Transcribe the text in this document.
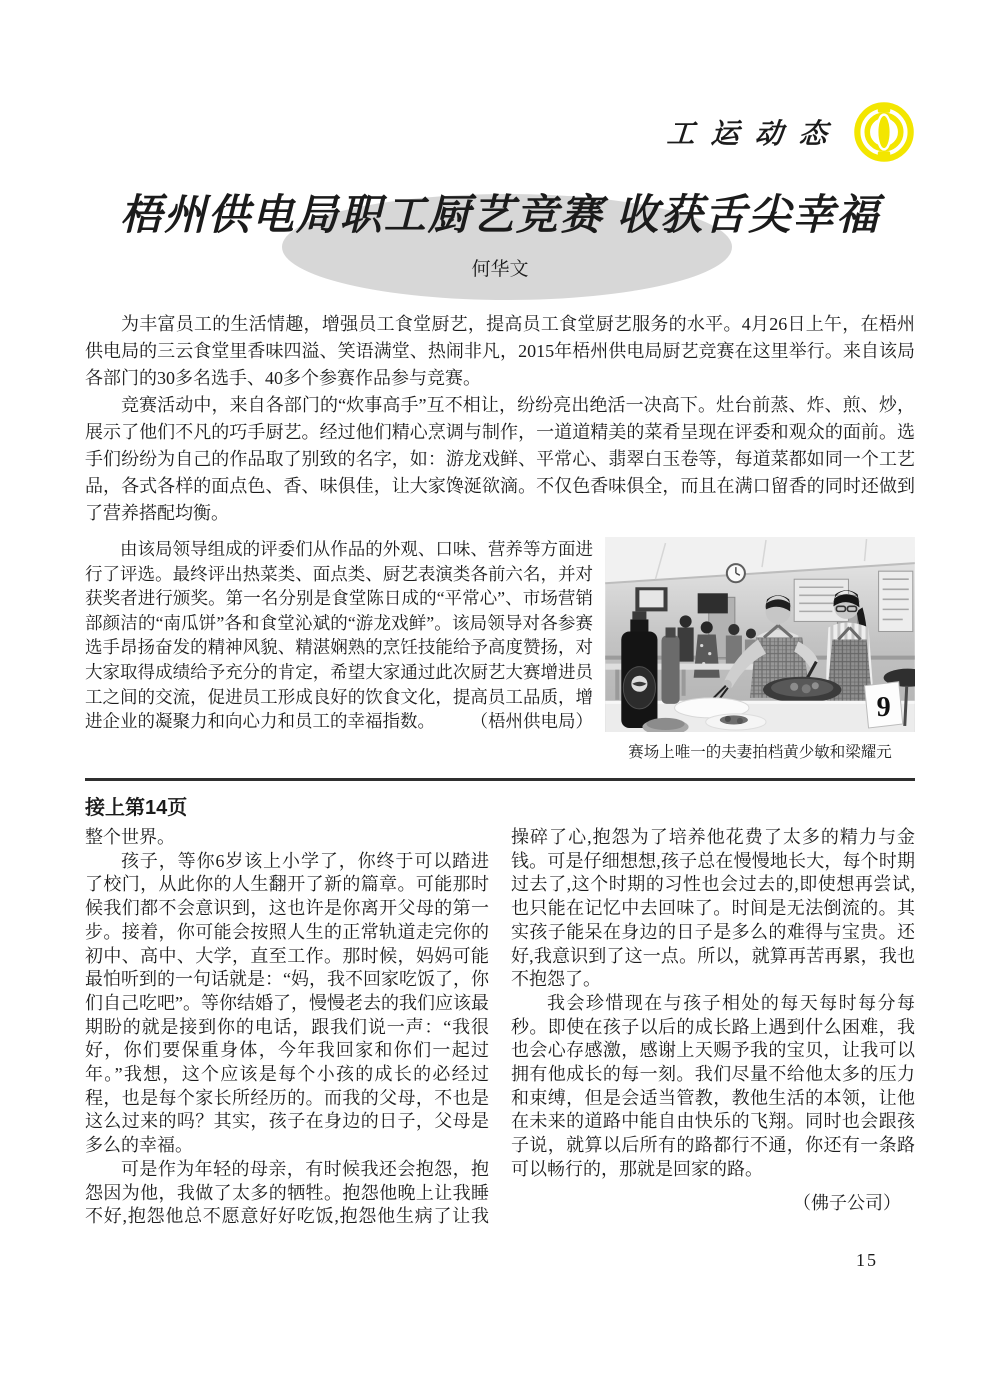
工运动态
梧州供电局职工厨艺竞赛 收获舌尖幸福
何华文

为丰富员工的生活情趣，增强员工食堂厨艺，提高员工食堂厨艺服务的水平。4月26日上午，在梧州供电局的三云食堂里香味四溢、笑语满堂、热闹非凡，2015年梧州供电局厨艺竞赛在这里举行。来自该局各部门的30多名选手、40多个参赛作品参与竞赛。

竞赛活动中，来自各部门的“炊事高手”互不相让，纷纷亮出绝活一决高下。灶台前蒸、炸、煎、炒，展示了他们不凡的巧手厨艺。经过他们精心烹调与制作，一道道精美的菜肴呈现在评委和观众的面前。选手们纷纷为自己的作品取了别致的名字，如：游龙戏鲜、平常心、翡翠白玉卷等，每道菜都如同一个工艺品，各式各样的面点色、香、味俱佳，让大家馋涎欲滴。不仅色香味俱全，而且在满口留香的同时还做到了营养搭配均衡。

由该局领导组成的评委们从作品的外观、口味、营养等方面进行了评选。最终评出热菜类、面点类、厨艺表演类各前六名，并对获奖者进行颁奖。第一名分别是食堂陈日成的“平常心”、市场营销部颜洁的“南瓜饼”各和食堂沁斌的“游龙戏鲜”。该局领导对各参赛选手昂扬奋发的精神风貌、精湛娴熟的烹饪技能给予高度赞扬，对大家取得成绩给予充分的肯定，希望大家通过此次厨艺大赛增进员工之间的交流，促进员工形成良好的饮食文化，提高员工品质，增进企业的凝聚力和向心力和员工的幸福指数。	（梧州供电局）	9
赛场上唯一的夫妻拍档黄少敏和梁耀元
接上第14页

整个世界。

孩子，等你6岁该上小学了，你终于可以踏进了校门，从此你的人生翻开了新的篇章。可能那时候我们都不会意识到，这也许是你离开父母的第一步。接着，你可能会按照人生的正常轨道走完你的初中、高中、大学，直至工作。那时候，妈妈可能最怕听到的一句话就是：“妈，我不回家吃饭了，你们自己吃吧”。等你结婚了，慢慢老去的我们应该最期盼的就是接到你的电话，跟我们说一声：“我很好，你们要保重身体，今年我回家和你们一起过年。”我想，这个应该是每个小孩的成长的必经过程，也是每个家长所经历的。而我的父母，不也是这么过来的吗？其实，孩子在身边的日子，父母是多么的幸福。

可是作为年轻的母亲，有时候我还会抱怨，抱怨因为他，我做了太多的牺牲。抱怨他晚上让我睡不好,抱怨他总不愿意好好吃饭,抱怨他生病了让我操碎了心,抱怨为了培养他花费了太多的精力与金钱。可是仔细想想,孩子总在慢慢地长大，每个时期过去了,这个时期的习性也会过去的,即使想再尝试,也只能在记忆中去回味了。时间是无法倒流的。其实孩子能呆在身边的日子是多么的难得与宝贵。还好,我意识到了这一点。所以，就算再苦再累，我也不抱怨了。

我会珍惜现在与孩子相处的每天每时每分每秒。即使在孩子以后的成长路上遇到什么困难，我也会心存感激，感谢上天赐予我的宝贝，让我可以拥有他成长的每一刻。我们尽量不给他太多的压力和束缚，但是会适当管教，教他生活的本领，让他在未来的道路中能自由快乐的飞翔。同时也会跟孩子说，就算以后所有的路都行不通，你还有一条路可以畅行的，那就是回家的路。

（佛子公司）
15
